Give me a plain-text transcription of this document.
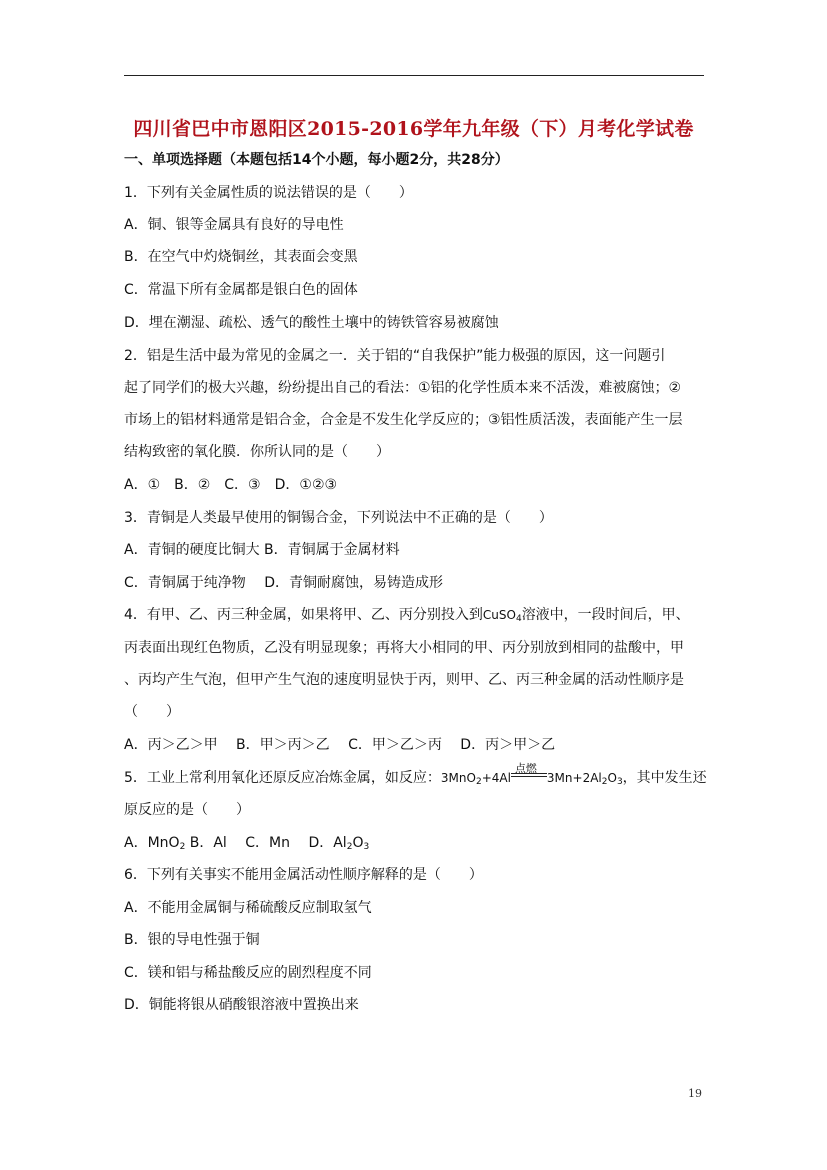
四川省巴中市恩阳区2015-2016学年九年级（下）月考化学试卷
一、单项选择题（本题包括14个小题，每小题2分，共28分）
1．下列有关金属性质的说法错误的是（　　）
A．铜、银等金属具有良好的导电性
B．在空气中灼烧铜丝，其表面会变黑
C．常温下所有金属都是银白色的固体
D．埋在潮湿、疏松、透气的酸性土壤中的铸铁管容易被腐蚀
2．铝是生活中最为常见的金属之一．关于铝的“自我保护”能力极强的原因，这一问题引
起了同学们的极大兴趣，纷纷提出自己的看法：①铝的化学性质本来不活泼，难被腐蚀；②
市场上的铝材料通常是铝合金，合金是不发生化学反应的；③铝性质活泼，表面能产生一层
结构致密的氧化膜．你所认同的是（　　）
A．①　B．②　C．③　D．①②③
3．青铜是人类最早使用的铜锡合金，下列说法中不正确的是（　　）
A．青铜的硬度比铜大 B．青铜属于金属材料
C．青铜属于纯净物　 D．青铜耐腐蚀，易铸造成形
4．有甲、乙、丙三种金属，如果将甲、乙、丙分别投入到CuSO$_4$溶液中，一段时间后，甲、
丙表面出现红色物质，乙没有明显现象；再将大小相同的甲、丙分别放到相同的盐酸中，甲
、丙均产生气泡，但甲产生气泡的速度明显快于丙，则甲、乙、丙三种金属的活动性顺序是
（　　）
A．丙＞乙＞甲　 B．甲＞丙＞乙　 C．甲＞乙＞丙　 D．丙＞甲＞乙
5．工业上常利用氧化还原反应冶炼金属，如反应：3MnO$_2$+4Al
点燃
$3Mn+2Al_2O_3$，其中发生还
原反应的是（　　）
A．MnO$_2$ B．Al　 C．Mn　 D．$Al_2O_3$
6．下列有关事实不能用金属活动性顺序解释的是（　　）
A．不能用金属铜与稀硫酸反应制取氢气
B．银的导电性强于铜
C．镁和铝与稀盐酸反应的剧烈程度不同
D．铜能将银从硝酸银溶液中置换出来
19
